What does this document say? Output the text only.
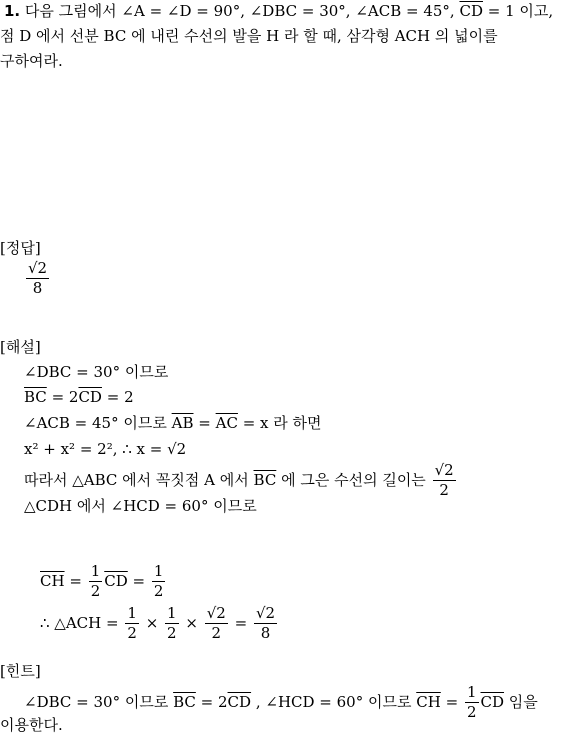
1. 다음 그림에서 ∠A = ∠D = 90°, ∠DBC = 30°, ∠ACB = 45°, $\overline{CD} = 1$ 이고,
점 D 에서 선분 BC 에 내린 수선의 발을 H 라 할 때, 삼각형 ACH 의 넓이를
구하여라.
[정답]
$\frac{√2}{8}$
[해설]
∠DBC = 30° 이므로
$\overline{BC} = 2\overline{CD} = 2$
∠ACB = 45° 이므로 $\overline{AB} = \overline{AC} = x$ 라 하면
x² + x² = 2², ∴ x = √2
따라서 △ABC 에서 꼭짓점 A 에서 $\overline{BC}$ 에 그은 수선의 길이는 $\frac{√2}{2}$
△CDH 에서 ∠HCD = 60° 이므로
$\overline{CH} = \frac{1}{2} \overline{CD} = \frac{1}{2}$
∴ △ACH = $\frac{1}{2} \times \frac{1}{2} \times \frac{√2}{2} = \frac{√2}{8}$
[힌트]
∠DBC = 30° 이므로 $\overline{BC} = 2\overline{CD}$ , ∠HCD = 60° 이므로 $\overline{CH} = \frac{1}{2} \overline{CD}$ 임을
이용한다.
